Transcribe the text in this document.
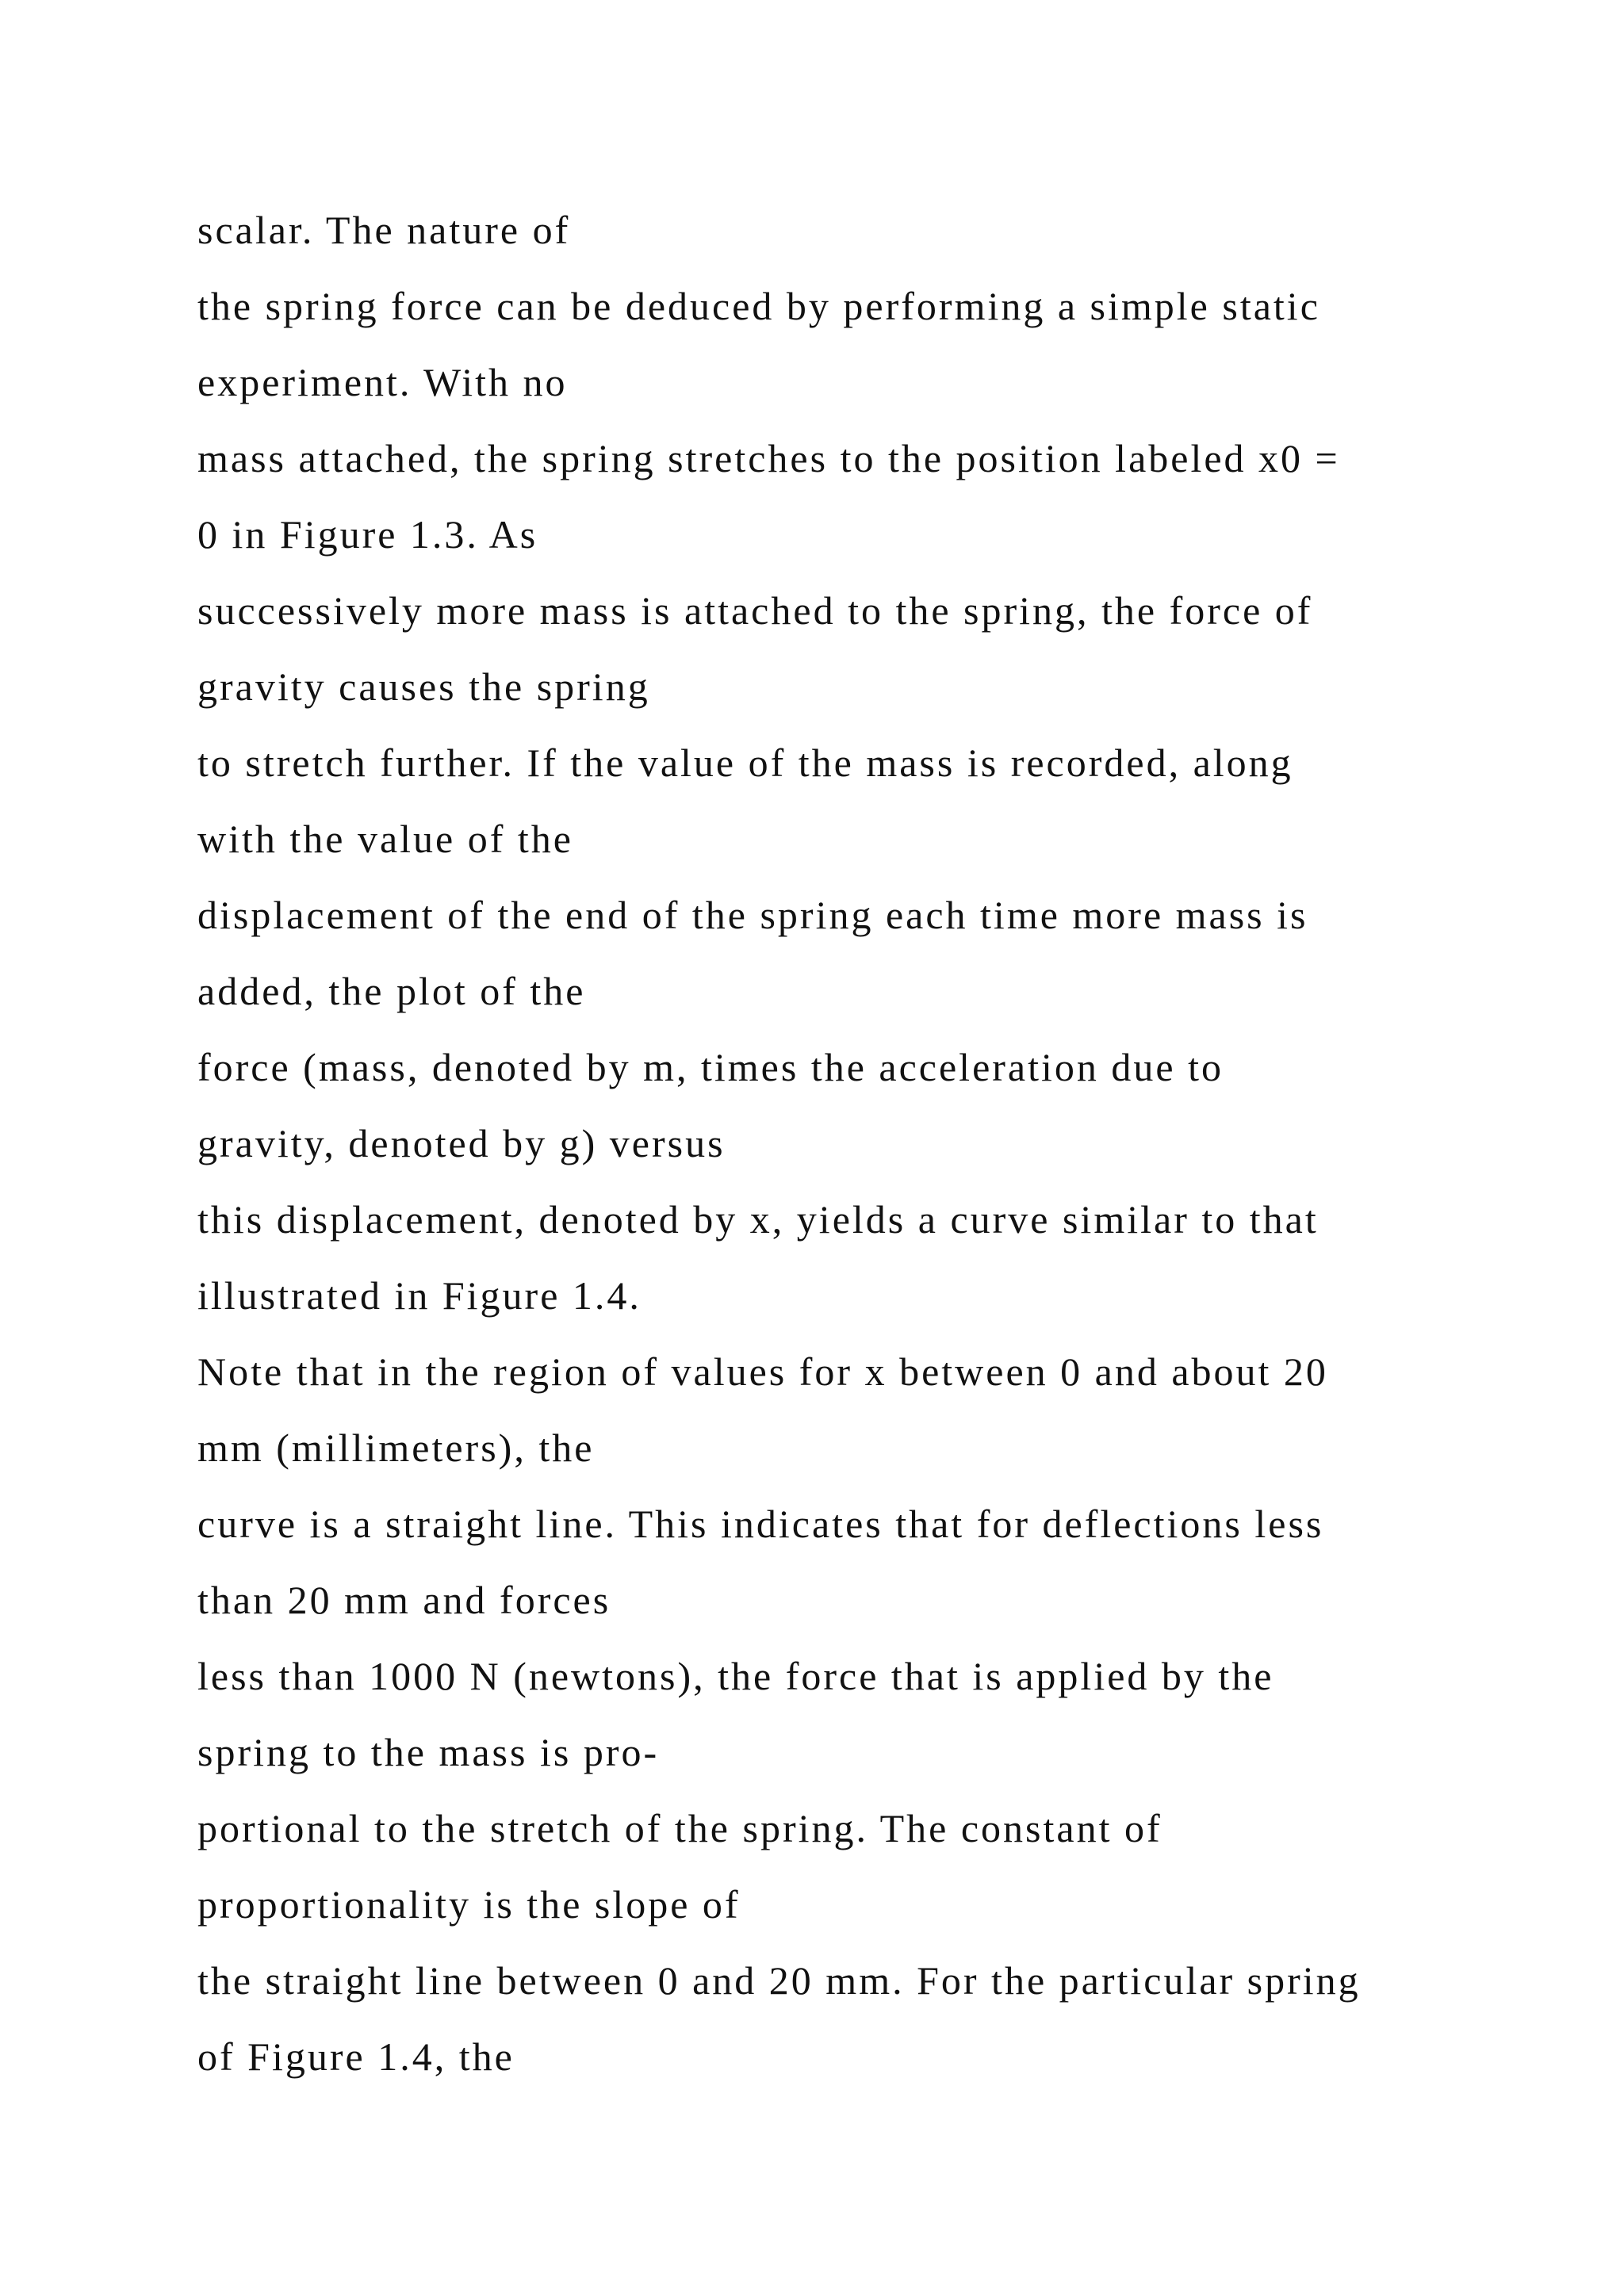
scalar. The nature of
the spring force can be deduced by performing a simple static
experiment. With no
mass attached, the spring stretches to the position labeled x0 =
0 in Figure 1.3. As
successively more mass is attached to the spring, the force of
gravity causes the spring
to stretch further. If the value of the mass is recorded, along
with the value of the
displacement of the end of the spring each time more mass is
added, the plot of the
force (mass, denoted by m, times the acceleration due to
gravity, denoted by g) versus
this displacement, denoted by x, yields a curve similar to that
illustrated in Figure 1.4.
Note that in the region of values for x between 0 and about 20
mm (millimeters), the
curve is a straight line. This indicates that for deflections less
than 20 mm and forces
less than 1000 N (newtons), the force that is applied by the
spring to the mass is pro-
portional to the stretch of the spring. The constant of
proportionality is the slope of
the straight line between 0 and 20 mm. For the particular spring
of Figure 1.4, the
